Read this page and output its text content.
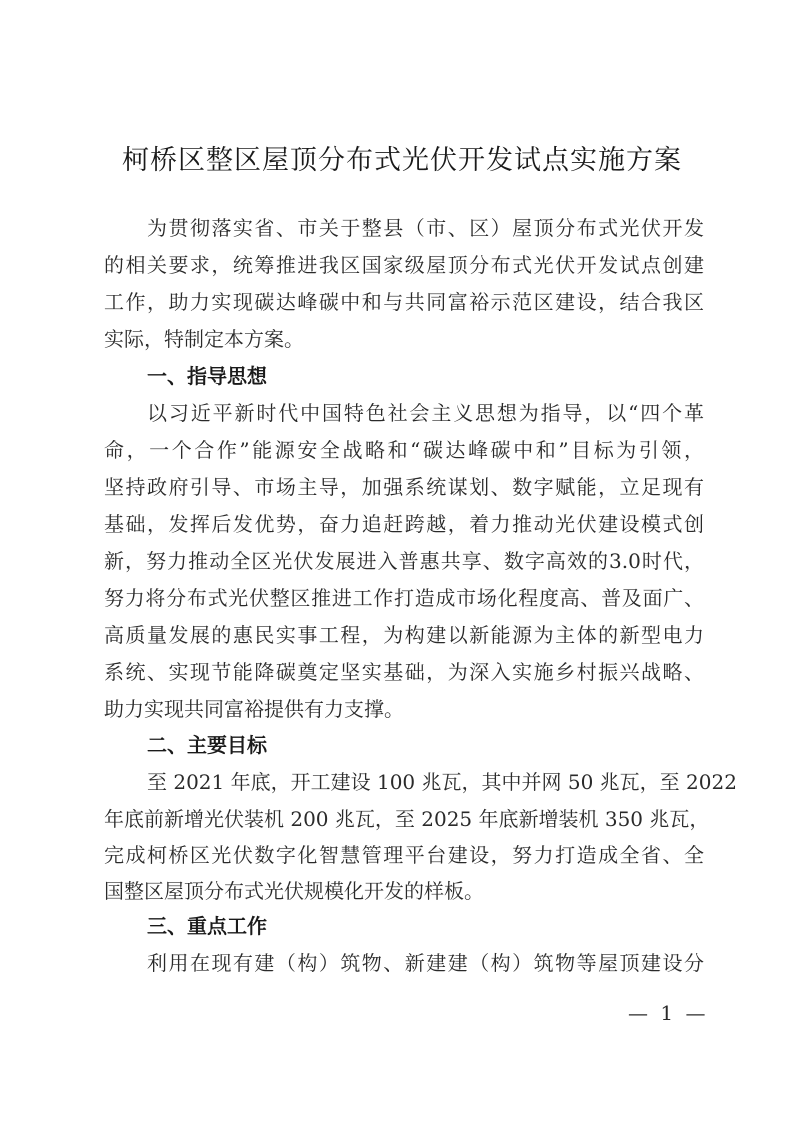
柯桥区整区屋顶分布式光伏开发试点实施方案
为贯彻落实省、市关于整县（市、区）屋顶分布式光伏开发
的相关要求，统筹推进我区国家级屋顶分布式光伏开发试点创建
工作，助力实现碳达峰碳中和与共同富裕示范区建设，结合我区
实际，特制定本方案。
一、指导思想
以习近平新时代中国特色社会主义思想为指导，以“四个革
命，一个合作”能源安全战略和“碳达峰碳中和”目标为引领，
坚持政府引导、市场主导，加强系统谋划、数字赋能，立足现有
基础，发挥后发优势，奋力追赶跨越，着力推动光伏建设模式创
新，努力推动全区光伏发展进入普惠共享、数字高效的3.0时代，
努力将分布式光伏整区推进工作打造成市场化程度高、普及面广、
高质量发展的惠民实事工程，为构建以新能源为主体的新型电力
系统、实现节能降碳奠定坚实基础，为深入实施乡村振兴战略、
助力实现共同富裕提供有力支撑。
二、主要目标
至 2021 年底，开工建设 100 兆瓦，其中并网 50 兆瓦，至 2022
年底前新增光伏装机 200 兆瓦，至 2025 年底新增装机 350 兆瓦，
完成柯桥区光伏数字化智慧管理平台建设，努力打造成全省、全
国整区屋顶分布式光伏规模化开发的样板。
三、重点工作
利用在现有建（构）筑物、新建建（构）筑物等屋顶建设分
— 1 —
